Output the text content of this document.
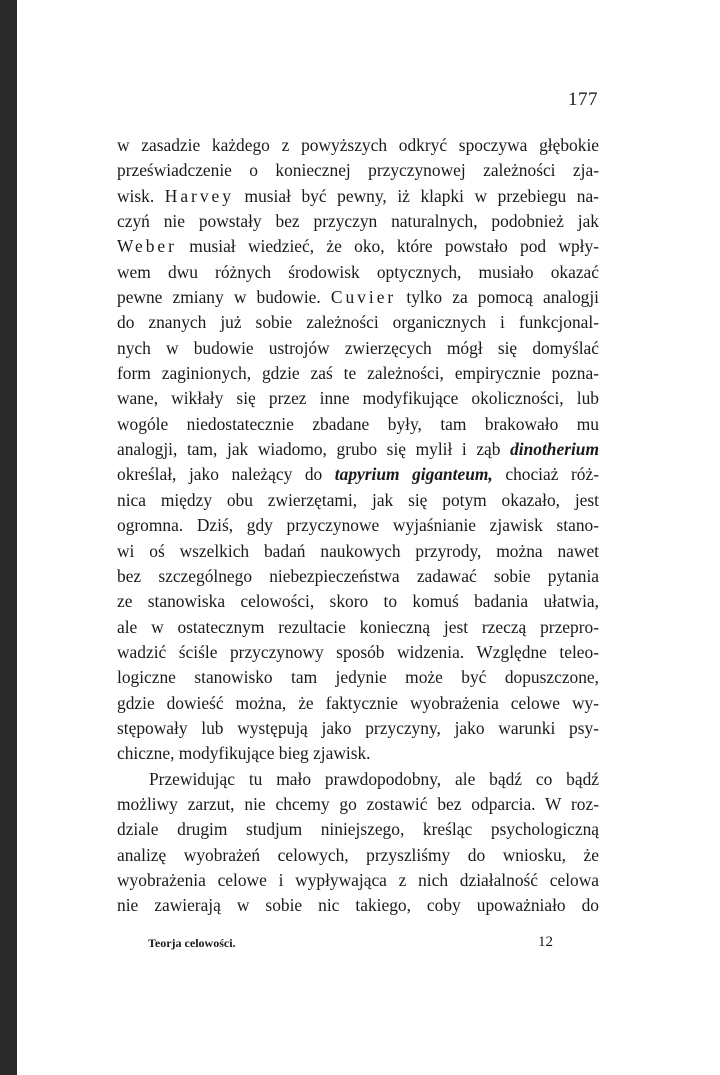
177
w zasadzie każdego z powyższych odkryć spoczywa głębokie
przeświadczenie o koniecznej przyczynowej zależności zja-
wisk. Harvey musiał być pewny, iż klapki w przebiegu na-
czyń nie powstały bez przyczyn naturalnych, podobnież jak
Weber musiał wiedzieć, że oko, które powstało pod wpły-
wem dwu różnych środowisk optycznych, musiało okazać
pewne zmiany w budowie. Cuvier tylko za pomocą analogji
do znanych już sobie zależności organicznych i funkcjonal-
nych w budowie ustrojów zwierzęcych mógł się domyślać
form zaginionych, gdzie zaś te zależności, empirycznie pozna-
wane, wikłały się przez inne modyfikujące okoliczności, lub
wogóle niedostatecznie zbadane były, tam brakowało mu
analogji, tam, jak wiadomo, grubo się mylił i ząb dinotherium
określał, jako należący do tapyrium giganteum, chociaż róż-
nica między obu zwierzętami, jak się potym okazało, jest
ogromna. Dziś, gdy przyczynowe wyjaśnianie zjawisk stano-
wi oś wszelkich badań naukowych przyrody, można nawet
bez szczególnego niebezpieczeństwa zadawać sobie pytania
ze stanowiska celowości, skoro to komuś badania ułatwia,
ale w ostatecznym rezultacie konieczną jest rzeczą przepro-
wadzić ściśle przyczynowy sposób widzenia. Względne teleo-
logiczne stanowisko tam jedynie może być dopuszczone,
gdzie dowieść można, że faktycznie wyobrażenia celowe wy-
stępowały lub występują jako przyczyny, jako warunki psy-
chiczne, modyfikujące bieg zjawisk.
Przewidując tu mało prawdopodobny, ale bądź co bądź
możliwy zarzut, nie chcemy go zostawić bez odparcia. W roz-
dziale drugim studjum niniejszego, kreśląc psychologiczną
analizę wyobrażeń celowych, przyszliśmy do wniosku, że
wyobrażenia celowe i wypływająca z nich działalność celowa
nie zawierają w sobie nic takiego, coby upoważniało do
Teorja celowości.	12
